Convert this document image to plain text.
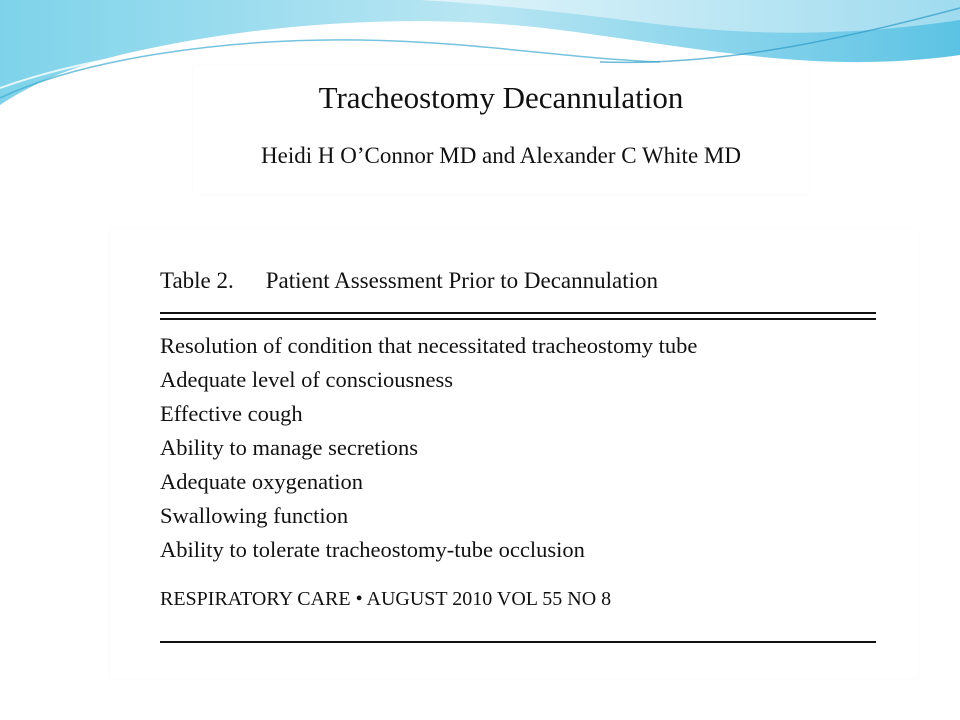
Tracheostomy Decannulation
Heidi H O’Connor MD and Alexander C White MD
Table 2. Patient Assessment Prior to Decannulation
Resolution of condition that necessitated tracheostomy tube
Adequate level of consciousness
Effective cough
Ability to manage secretions
Adequate oxygenation
Swallowing function
Ability to tolerate tracheostomy-tube occlusion
RESPIRATORY CARE • AUGUST 2010 VOL 55 NO 8
